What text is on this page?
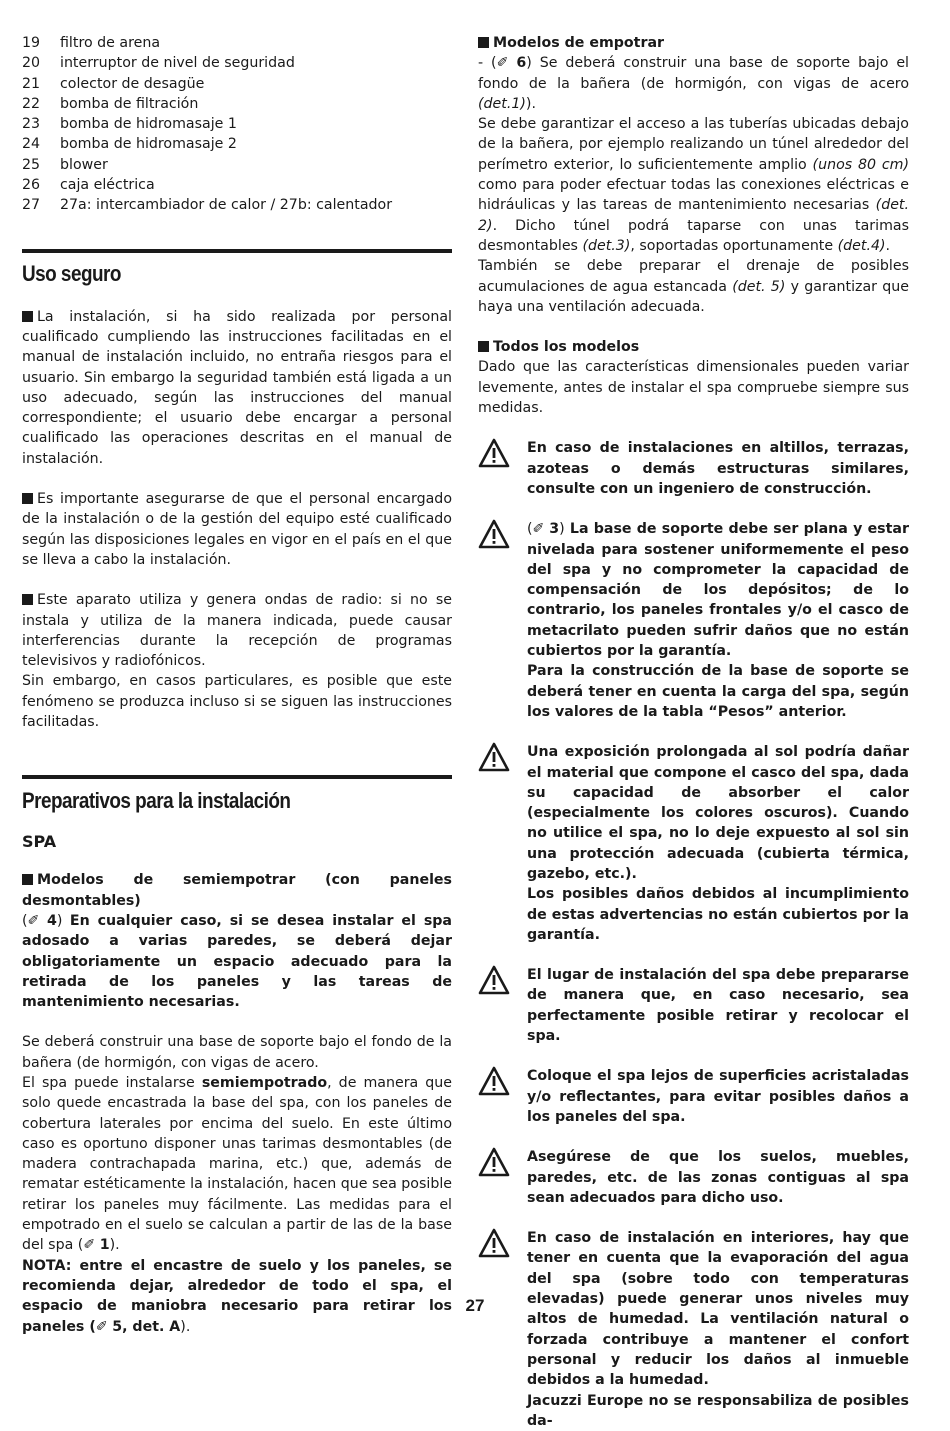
19	filtro de arena
20	interruptor de nivel de seguridad
21	colector de desagüe
22	bomba de filtración
23	bomba de hidromasaje 1
24	bomba de hidromasaje 2
25	blower
26	caja eléctrica
27	27a: intercambiador de calor / 27b: calentador
Uso seguro

La instalación, si ha sido realizada por personal cualificado cumpliendo las instrucciones facilitadas en el manual de instalación incluido, no entraña riesgos para el usuario. Sin embargo la seguridad también está ligada a un uso adecuado, según las instrucciones del manual correspondiente; el usuario debe encargar a personal cualificado las operaciones descritas en el manual de instalación.

Es importante asegurarse de que el personal encargado de la instalación o de la gestión del equipo esté cualificado según las disposiciones legales en vigor en el país en el que se lleva a cabo la instalación.

Este aparato utiliza y genera ondas de radio: si no se instala y utiliza de la manera indicada, puede causar interferencias durante la recepción de programas televisivos y radiofónicos.

Sin embargo, en casos particulares, es posible que este fenómeno se produzca incluso si se siguen las instrucciones facilitadas.

Preparativos para la instalación
SPA

Modelos de semiempotrar (con paneles desmontables)

(✐ 4) En cualquier caso, si se desea instalar el spa adosado a varias paredes, se deberá dejar obligatoriamente un espacio adecuado para la retirada de los paneles y las tareas de mantenimiento necesarias.

Se deberá construir una base de soporte bajo el fondo de la bañera (de hormigón, con vigas de acero.

El spa puede instalarse semiempotrado, de manera que solo quede encastrada la base del spa, con los paneles de cobertura laterales por encima del suelo. En este último caso es oportuno disponer unas tarimas desmontables (de madera contrachapada marina, etc.) que, además de rematar estéticamente la instalación, hacen que sea posible retirar los paneles muy fácilmente. Las medidas para el empotrado en el suelo se calculan a partir de las de la base del spa (✐ 1).

NOTA: entre el encastre de suelo y los paneles, se recomienda dejar, alrededor de todo el spa, el espacio de maniobra necesario para retirar los paneles (✐ 5, det. A).

Modelos de empotrar

- (✐ 6) Se deberá construir una base de soporte bajo el fondo de la bañera (de hormigón, con vigas de acero (det.1)).

Se debe garantizar el acceso a las tuberías ubicadas debajo de la bañera, por ejemplo realizando un túnel alrededor del perímetro exterior, lo suficientemente amplio (unos 80 cm) como para poder efectuar todas las conexiones eléctricas e hidráulicas y las tareas de mantenimiento necesarias (det. 2). Dicho túnel podrá taparse con unas tarimas desmontables (det.3), soportadas oportunamente (det.4).

También se debe preparar el drenaje de posibles acumulaciones de agua estancada (det. 5) y garantizar que haya una ventilación adecuada.

Todos los modelos

Dado que las características dimensionales pueden variar levemente, antes de instalar el spa compruebe siempre sus medidas.

En caso de instalaciones en altillos, terrazas, azoteas o demás estructuras similares, consulte con un ingeniero de construcción.

(✐ 3) La base de soporte debe ser plana y estar nivelada para sostener uniformemente el peso del spa y no comprometer la capacidad de compensación de los depósitos; de lo contrario, los paneles frontales y/o el casco de metacrilato pueden sufrir daños que no están cubiertos por la garantía.

Para la construcción de la base de soporte se deberá tener en cuenta la carga del spa, según los valores de la tabla “Pesos” anterior.

Una exposición prolongada al sol podría dañar el material que compone el casco del spa, dada su capacidad de absorber el calor (especialmente los colores oscuros). Cuando no utilice el spa, no lo deje expuesto al sol sin una protección adecuada (cubierta térmica, gazebo, etc.).

Los posibles daños debidos al incumplimiento de estas advertencias no están cubiertos por la garantía.

El lugar de instalación del spa debe prepararse de manera que, en caso necesario, sea perfectamente posible retirar y recolocar el spa.

Coloque el spa lejos de superficies acristaladas y/o reflectantes, para evitar posibles daños a los paneles del spa.

Asegúrese de que los suelos, muebles, paredes, etc. de las zonas contiguas al spa sean adecuados para dicho uso.

En caso de instalación en interiores, hay que tener en cuenta que la evaporación del agua del spa (sobre todo con temperaturas elevadas) puede generar unos niveles muy altos de humedad. La ventilación natural o forzada contribuye a mantener el confort personal y reducir los daños al inmueble debidos a la humedad.

Jacuzzi Europe no se responsabiliza de posibles da-

27
